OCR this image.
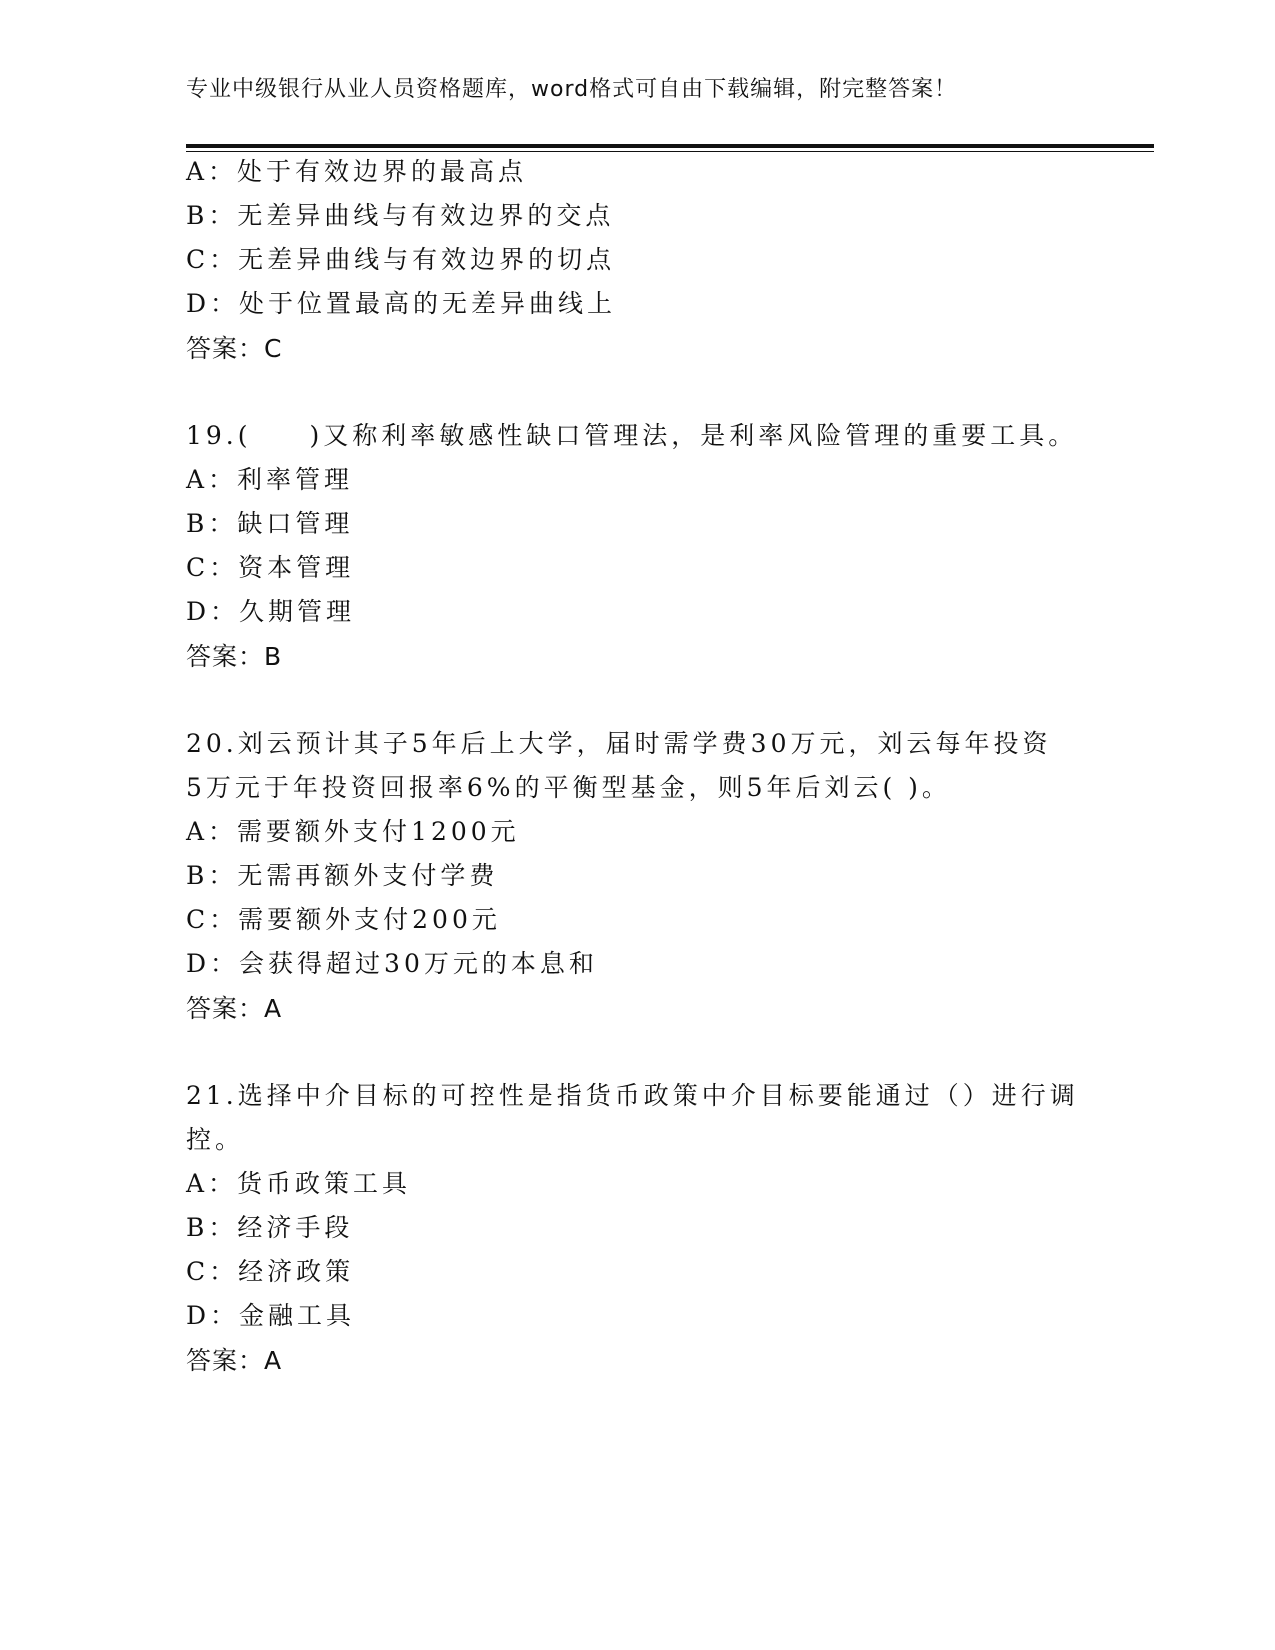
专业中级银行从业人员资格题库，word格式可自由下载编辑，附完整答案！
A：处于有效边界的最高点
B：无差异曲线与有效边界的交点
C：无差异曲线与有效边界的切点
D：处于位置最高的无差异曲线上
答案：C
19.(　　)又称利率敏感性缺口管理法，是利率风险管理的重要工具。
A：利率管理
B：缺口管理
C：资本管理
D：久期管理
答案：B
20.刘云预计其子5年后上大学，届时需学费30万元，刘云每年投资
5万元于年投资回报率6%的平衡型基金，则5年后刘云( )。
A：需要额外支付1200元
B：无需再额外支付学费
C：需要额外支付200元
D：会获得超过30万元的本息和
答案：A
21.选择中介目标的可控性是指货币政策中介目标要能通过（）进行调
控。
A：货币政策工具
B：经济手段
C：经济政策
D：金融工具
答案：A
